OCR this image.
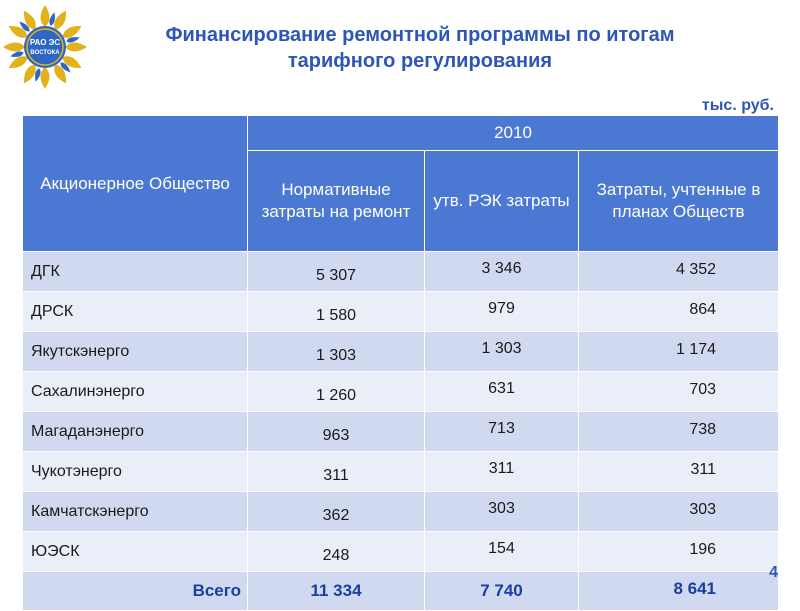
РАО ЭС
ВОСТОКА
Финансирование ремонтной программы по итогам
тарифного регулирования
тыс. руб.
Акционерное Общество	2010		
	Нормативные затраты на ремонт	утв. РЭК затраты	Затраты, учтенные в планах Обществ
ДГК	5 307	3 346	4 352
ДРСК	1 580	979	864
Якутскэнерго	1 303	1 303	1 174
Сахалинэнерго	1 260	631	703
Магаданэнерго	963	713	738
Чукотэнерго	311	311	311
Камчатскэнерго	362	303	303
ЮЭСК	248	154	196
Всего	11 334	7 740	8 641
4
